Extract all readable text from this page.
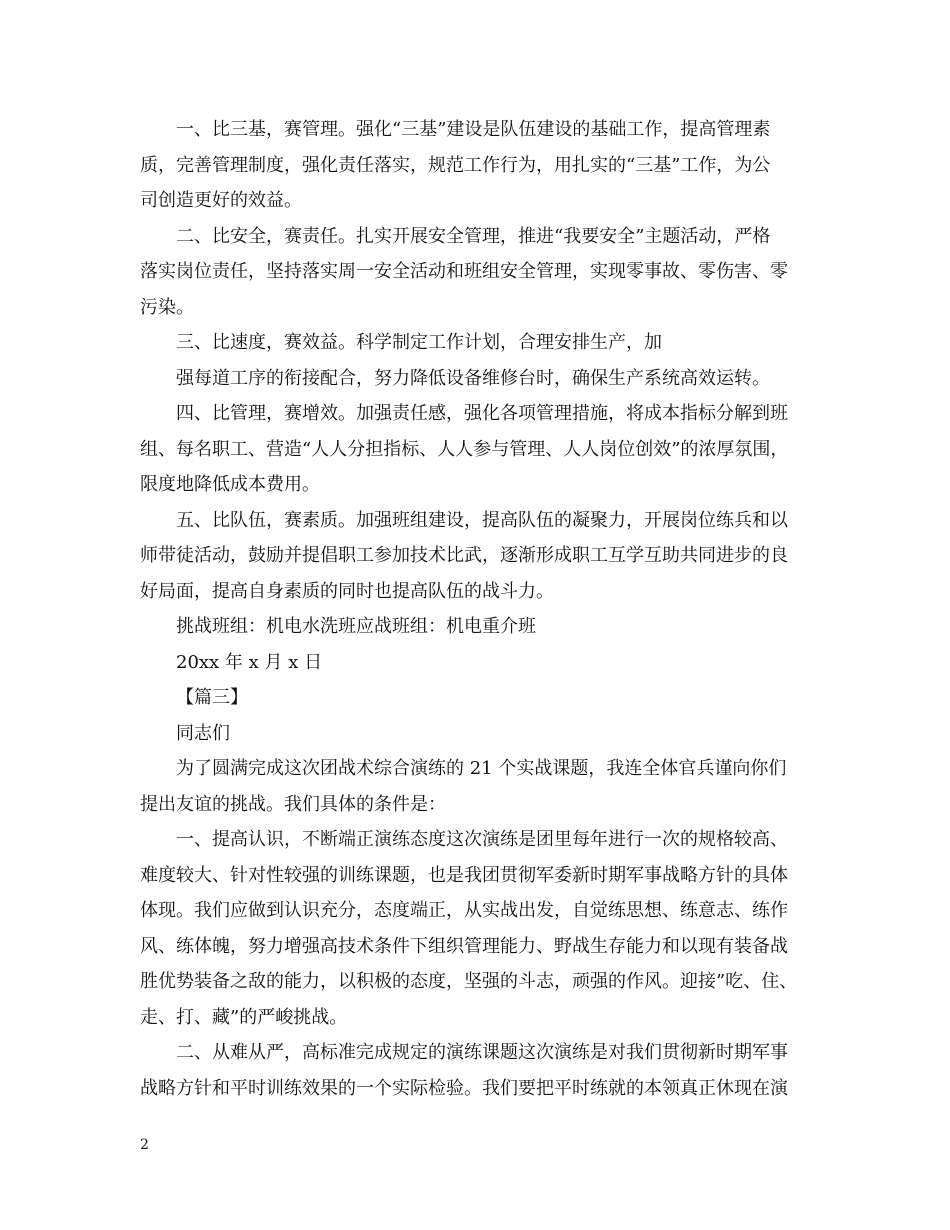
一、比三基，赛管理。强化“三基”建设是队伍建设的基础工作，提高管理素
质，完善管理制度，强化责任落实，规范工作行为，用扎实的“三基”工作，为公
司创造更好的效益。
二、比安全，赛责任。扎实开展安全管理，推进“我要安全”主题活动，严格
落实岗位责任，坚持落实周一安全活动和班组安全管理，实现零事故、零伤害、零
污染。
三、比速度，赛效益。科学制定工作计划，合理安排生产，加
强每道工序的衔接配合，努力降低设备维修台时，确保生产系统高效运转。
四、比管理，赛增效。加强责任感，强化各项管理措施，将成本指标分解到班
组、每名职工、营造“人人分担指标、人人参与管理、人人岗位创效”的浓厚氛围，
限度地降低成本费用。
五、比队伍，赛素质。加强班组建设，提高队伍的凝聚力，开展岗位练兵和以
师带徒活动，鼓励并提倡职工参加技术比武，逐渐形成职工互学互助共同进步的良
好局面，提高自身素质的同时也提高队伍的战斗力。
挑战班组：机电水洗班应战班组：机电重介班
20xx 年 x 月 x 日
【篇三】
同志们
为了圆满完成这次团战术综合演练的 21 个实战课题，我连全体官兵谨向你们
提出友谊的挑战。我们具体的条件是：
一、提高认识，不断端正演练态度这次演练是团里每年进行一次的规格较高、
难度较大、针对性较强的训练课题，也是我团贯彻军委新时期军事战略方针的具体
体现。我们应做到认识充分，态度端正，从实战出发，自觉练思想、练意志、练作
风、练体魄，努力增强高技术条件下组织管理能力、野战生存能力和以现有装备战
胜优势装备之敌的能力，以积极的态度，坚强的斗志，顽强的作风。迎接”吃、住、
走、打、藏”的严峻挑战。
二、从难从严，高标准完成规定的演练课题这次演练是对我们贯彻新时期军事
战略方针和平时训练效果的一个实际检验。我们要把平时练就的本领真正休现在演
2
